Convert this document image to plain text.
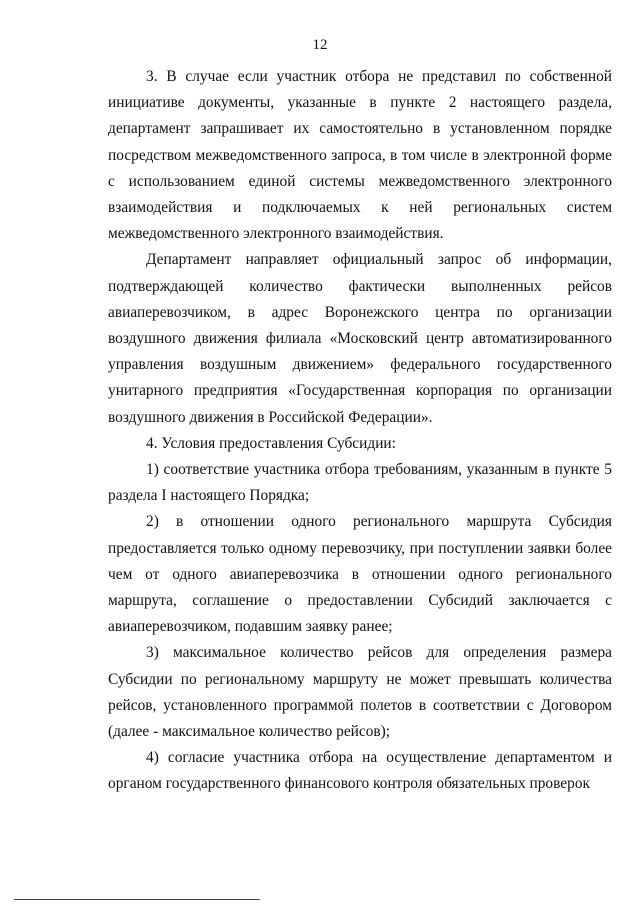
12

3. В случае если участник отбора не представил по собственной инициативе документы, указанные в пункте 2 настоящего раздела, департамент запрашивает их самостоятельно в установленном порядке посредством межведомственного запроса, в том числе в электронной форме с использованием единой системы межведомственного электронного взаимодействия и подключаемых к ней региональных систем межведомственного электронного взаимодействия.

Департамент направляет официальный запрос об информации, подтверждающей количество фактически выполненных рейсов авиаперевозчиком, в адрес Воронежского центра по организации воздушного движения филиала «Московский центр автоматизированного управления воздушным движением» федерального государственного унитарного предприятия «Государственная корпорация по организации воздушного движения в Российской Федерации».

4. Условия предоставления Субсидии:

1) соответствие участника отбора требованиям, указанным в пункте 5 раздела I настоящего Порядка;

2) в отношении одного регионального маршрута Субсидия предоставляется только одному перевозчику, при поступлении заявки более чем от одного авиаперевозчика в отношении одного регионального маршрута, соглашение о предоставлении Субсидий заключается с авиаперевозчиком, подавшим заявку ранее;

3) максимальное количество рейсов для определения размера Субсидии по региональному маршруту не может превышать количества рейсов, установленного программой полетов в соответствии с Договором (далее - максимальное количество рейсов);

4) согласие участника отбора на осуществление департаментом и органом государственного финансового контроля обязательных проверок
